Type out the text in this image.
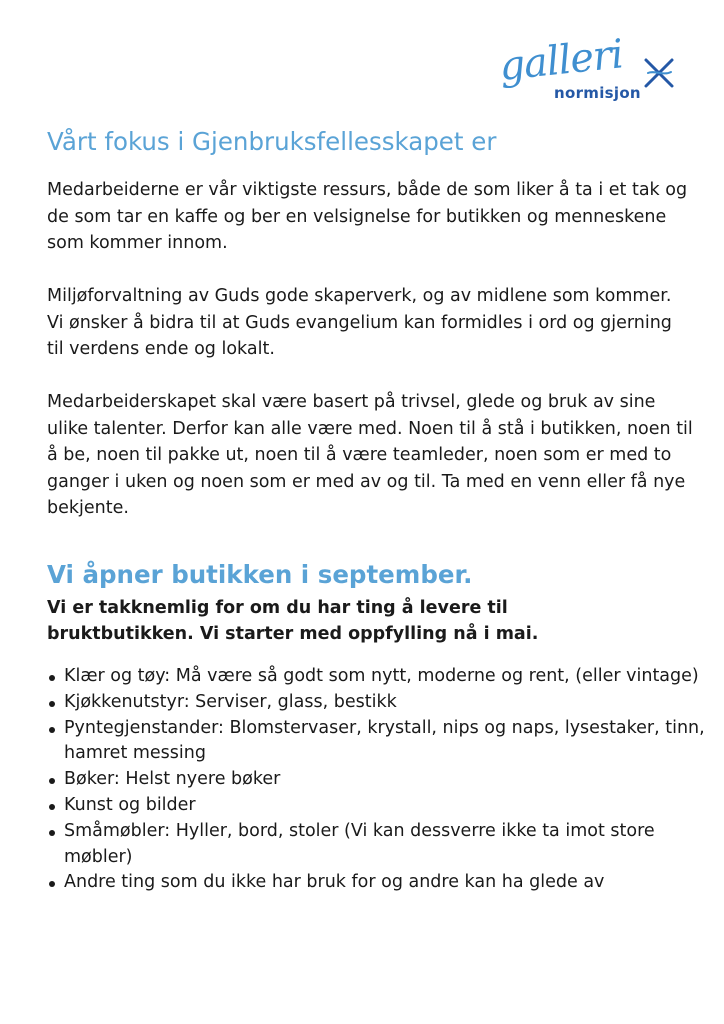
galleri
normisjon
Vårt fokus i Gjenbruksfellesskapet er

Medarbeiderne er vår viktigste ressurs, både de som liker å ta i et tak og
de som tar en kaffe og ber en velsignelse for butikken og menneskene
som kommer innom.

Miljøforvaltning av Guds gode skaperverk, og av midlene som kommer.
Vi ønsker å bidra til at Guds evangelium kan formidles i ord og gjerning
til verdens ende og lokalt.

Medarbeiderskapet skal være basert på trivsel, glede og bruk av sine
ulike talenter. Derfor kan alle være med. Noen til å stå i butikken, noen til
å be, noen til pakke ut, noen til å være teamleder, noen som er med to
ganger i uken og noen som er med av og til. Ta med en venn eller få nye
bekjente.

Vi åpner butikken i september.

Vi er takknemlig for om du har ting å levere til
bruktbutikken. Vi starter med oppfylling nå i mai.

Klær og tøy: Må være så godt som nytt, moderne og rent, (eller vintage)
Kjøkkenutstyr: Serviser, glass, bestikk
Pyntegjenstander: Blomstervaser, krystall, nips og naps, lysestaker, tinn,
hamret messing
Bøker: Helst nyere bøker
Kunst og bilder
Småmøbler: Hyller, bord, stoler (Vi kan dessverre ikke ta imot store
møbler)
Andre ting som du ikke har bruk for og andre kan ha glede av
